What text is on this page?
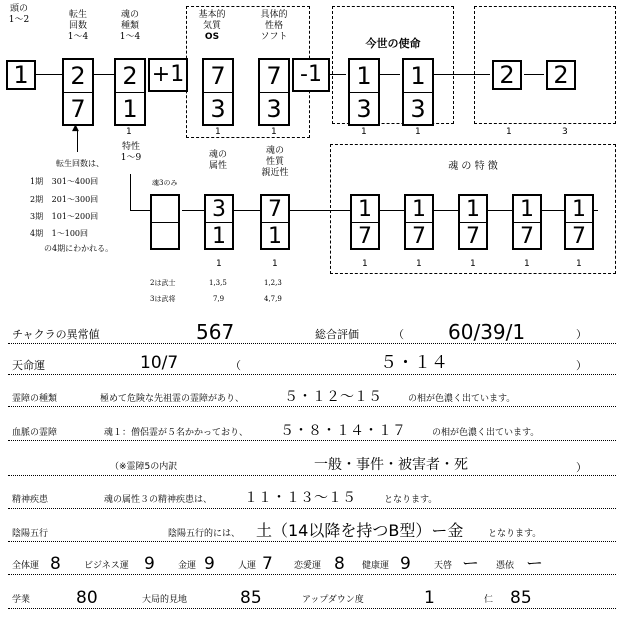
頭の
1〜2	転生
回数
1〜4
魂の
種類
1〜4
基本的
気質
OS
具体的
性格
ソフト	今世の使命
1	2
7
2
1
+1 7
3
7
3
-1	1
3
1
3
2	2
1	1	1	1	1	1	3
▲
転生回数は、
1期 301〜400回
2期 201〜300回
3期 101〜200回
4期 1〜100回
の4期にわかれる。
特性
1〜9
魂3のみ
魂の
属性
魂の
性質
親近性
魂 の 特 徴
3
1
7
1
1
7
1
7
1
7
1
7
1
7
1	1	1	1	1	1	1
2は武士	1,3,5	1,2,3
3は武将	7,9	4,7,9
チャクラの異常値	567	総合評価	（ 60/39/1	）
天命運	10/7	（	５・１４	）
霊障の種類	極めて危険な先祖霊の霊障があり、	５・１２〜１５	の相が色濃く出ています。
血脈の霊障	魂１：僧侶霊が５名かかっており、 ５・８・１４・１７	の相が色濃く出ています。
（※霊障5の内訳	一般・事件・被害者・死	）
精神疾患	魂の属性３の精神疾患は、 １１・１３〜１５	となります。
陰陽五行	陰陽五行的には、 土（14以降を持つB型）ー金	となります。
全体運 8	ビジネス運 9	金運 9	人運 7 恋愛運 8 健康運 9	天啓 ー 憑依 ー
学業	80	大局的見地	85	アップダウン度	1	仁 85
